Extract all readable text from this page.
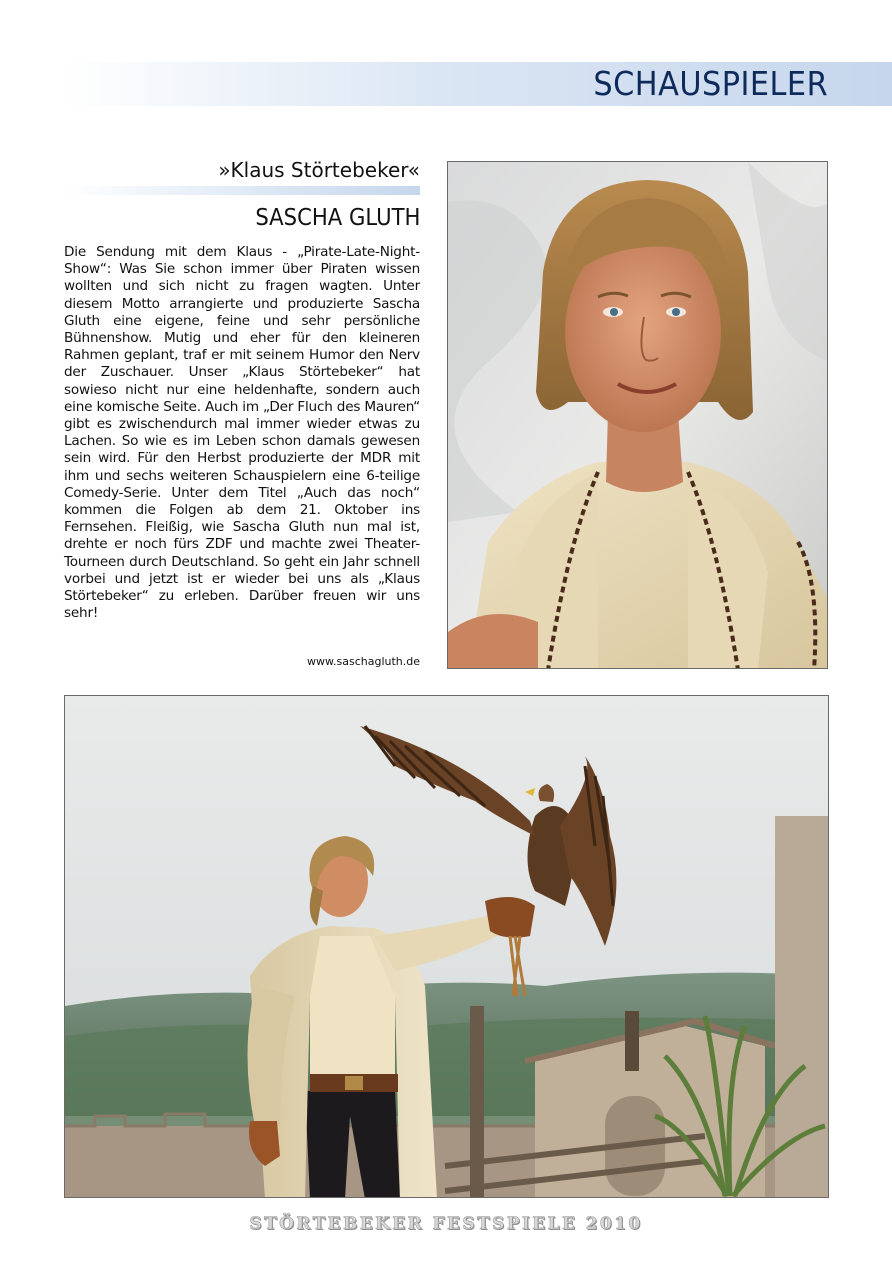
SCHAUSPIELER
»Klaus Störtebeker«
SASCHA GLUTH
Die Sendung mit dem Klaus - „Pirate-Late-Night-Show“: Was Sie schon immer über Piraten wissen wollten und sich nicht zu fragen wagten. Unter diesem Motto arrangierte und produzierte Sascha Gluth eine eigene, feine und sehr persönliche Bühnenshow. Mutig und eher für den kleineren Rahmen geplant, traf er mit seinem Humor den Nerv der Zuschauer. Unser „Klaus Störtebeker“ hat sowieso nicht nur eine heldenhafte, sondern auch eine komische Seite. Auch im „Der Fluch des Mauren“ gibt es zwischendurch mal immer wieder etwas zu Lachen. So wie es im Leben schon damals gewesen sein wird. Für den Herbst produzierte der MDR mit ihm und sechs weiteren Schauspielern eine 6-teilige Comedy-Serie. Unter dem Titel „Auch das noch“ kommen die Folgen ab dem 21. Oktober ins Fernsehen. Fleißig, wie Sascha Gluth nun mal ist, drehte er noch fürs ZDF und machte zwei Theater-Tourneen durch Deutschland. So geht ein Jahr schnell vorbei und jetzt ist er wieder bei uns als „Klaus Störtebeker“ zu erleben. Darüber freuen wir uns sehr!
www.saschagluth.de
STÖRTEBEKER FESTSPIELE 2010
